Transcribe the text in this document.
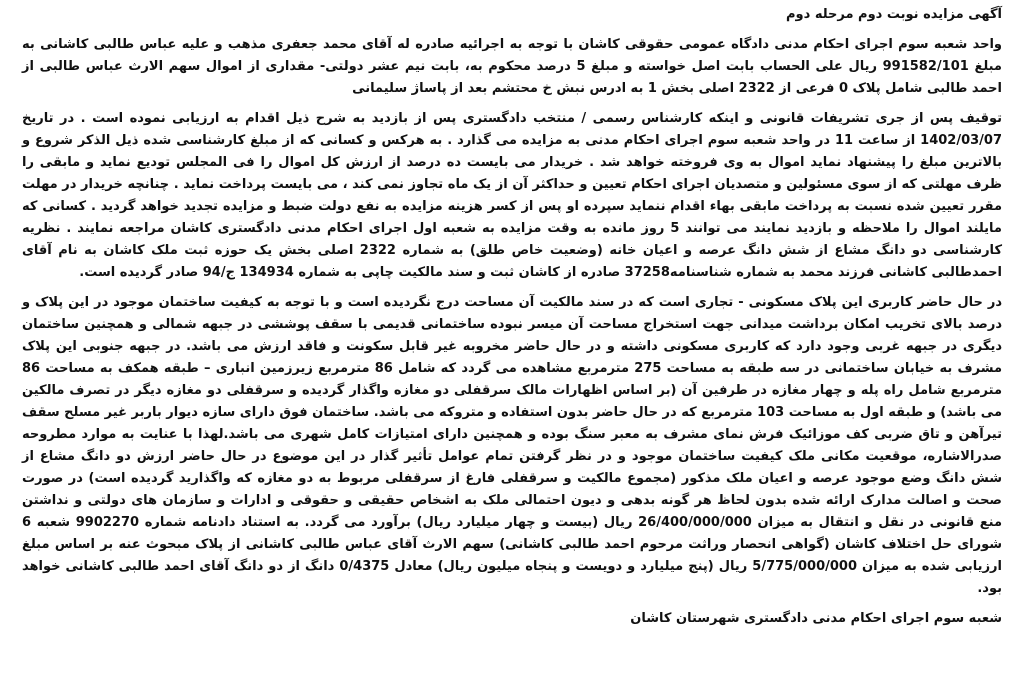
آگهی مزایده نوبت دوم مرحله دوم

واحد شعبه سوم اجرای احکام مدنی دادگاه عمومی حقوقی کاشان با توجه به اجرائیه صادره له آقای محمد جعفری مذهب و علیه عباس طالبی کاشانی به مبلغ 991582/101 ریال علی الحساب بابت اصل خواسته و مبلغ 5 درصد محکوم به، بابت نیم عشر دولتی- مقداری از اموال سهم الارث عباس طالبی از احمد طالبی شامل پلاک 0 فرعی از 2322 اصلی بخش 1 به ادرس نبش خ محتشم بعد از پاساژ سلیمانی

توقیف پس از جری تشریفات قانونی و اینکه کارشناس رسمی / منتخب دادگستری پس از بازدید به شرح ذیل اقدام به ارزیابی نموده است . در تاریخ 1402/03/07 از ساعت 11 در واحد شعبه سوم اجرای احکام مدنی به مزایده می گذارد . به هرکس و کسانی که از مبلغ کارشناسی شده ذیل الذکر شروع و بالاترین مبلغ را پیشنهاد نماید اموال به وی فروخته خواهد شد . خریدار می بایست ده درصد از ارزش کل اموال را فی المجلس تودیع نماید و مابقی را ظرف مهلتی که از سوی مسئولین و متصدیان اجرای احکام تعیین و حداکثر آن از یک ماه تجاوز نمی کند ، می بایست پرداخت نماید . چنانچه خریدار در مهلت مقرر تعیین شده نسبت به پرداخت مابقی بهاء اقدام ننماید سپرده او پس از کسر هزینه مزایده به نفع دولت ضبط و مزایده تجدید خواهد گردید . کسانی که مایلند اموال را ملاحظه و بازدید نمایند می توانند 5 روز مانده به وقت مزایده به شعبه اول اجرای احکام مدنی دادگستری کاشان مراجعه نمایند . نظریه کارشناسی دو دانگ مشاع از شش دانگ عرصه و اعیان خانه (وضعیت خاص طلق) به شماره 2322 اصلی بخش یک حوزه ثبت ملک کاشان به نام آقای احمدطالبی کاشانی فرزند محمد به شماره شناسنامه37258 صادره از کاشان ثبت و سند مالکیت چاپی به شماره 134934 ج/94 صادر گردیده است.

در حال حاضر کاربری این پلاک مسکونی - تجاری است که در سند مالکیت آن مساحت درج نگردیده است و با توجه به کیفیت ساختمان موجود در این پلاک و درصد بالای تخریب امکان برداشت میدانی جهت استخراج مساحت آن میسر نبوده ساختمانی قدیمی با سقف پوششی در جبهه شمالی و همچنین ساختمان دیگری در جبهه غربی وجود دارد که کاربری مسکونی داشته و در حال حاضر مخروبه غیر قابل سکونت و فاقد ارزش می باشد. در جبهه جنوبی این پلاک مشرف به خیابان ساختمانی در سه طبقه به مساحت 275 مترمربع مشاهده می گردد که شامل 86 مترمربع زیرزمین انباری – طبقه همکف به مساحت 86 مترمربع شامل راه پله و چهار مغازه در طرفین آن (بر اساس اظهارات مالک سرقفلی دو مغازه واگذار گردیده و سرقفلی دو مغازه دیگر در تصرف مالکین می باشد) و طبقه اول به مساحت 103 مترمربع که در حال حاضر بدون استفاده و متروکه می باشد. ساختمان فوق دارای سازه دیوار باربر غیر مسلح سقف تیرآهن و تاق ضربی کف موزائیک فرش نمای مشرف به معبر سنگ بوده و همچنین دارای امتیازات کامل شهری می باشد.لهذا با عنایت به موارد مطروحه صدرالاشاره، موقعیت مکانی ملک کیفیت ساختمان موجود و در نظر گرفتن تمام عوامل تأثیر گذار در این موضوع در حال حاضر ارزش دو دانگ مشاع از شش دانگ وضع موجود عرصه و اعیان ملک مذکور (مجموع مالکیت و سرقفلی فارغ از سرقفلی مربوط به دو مغازه که واگذارید گردیده است) در صورت صحت و اصالت مدارک ارائه شده بدون لحاظ هر گونه بدهی و دیون احتمالی ملک به اشخاص حقیقی و حقوقی و ادارات و سازمان های دولتی و نداشتن منع قانونی در نقل و انتقال به میزان 26/400/000/000 ریال (بیست و چهار میلیارد ریال) برآورد می گردد. به استناد دادنامه شماره 9902270 شعبه 6 شورای حل اختلاف کاشان (گواهی انحصار وراثت مرحوم احمد طالبی کاشانی) سهم الارث آقای عباس طالبی کاشانی از پلاک مبحوث عنه بر اساس مبلغ ارزیابی شده به میزان 5/775/000/000 ریال (پنج میلیارد و دویست و پنجاه میلیون ریال) معادل 0/4375 دانگ از دو دانگ آقای احمد طالبی کاشانی خواهد بود.

شعبه سوم اجرای احکام مدنی دادگستری شهرستان کاشان
